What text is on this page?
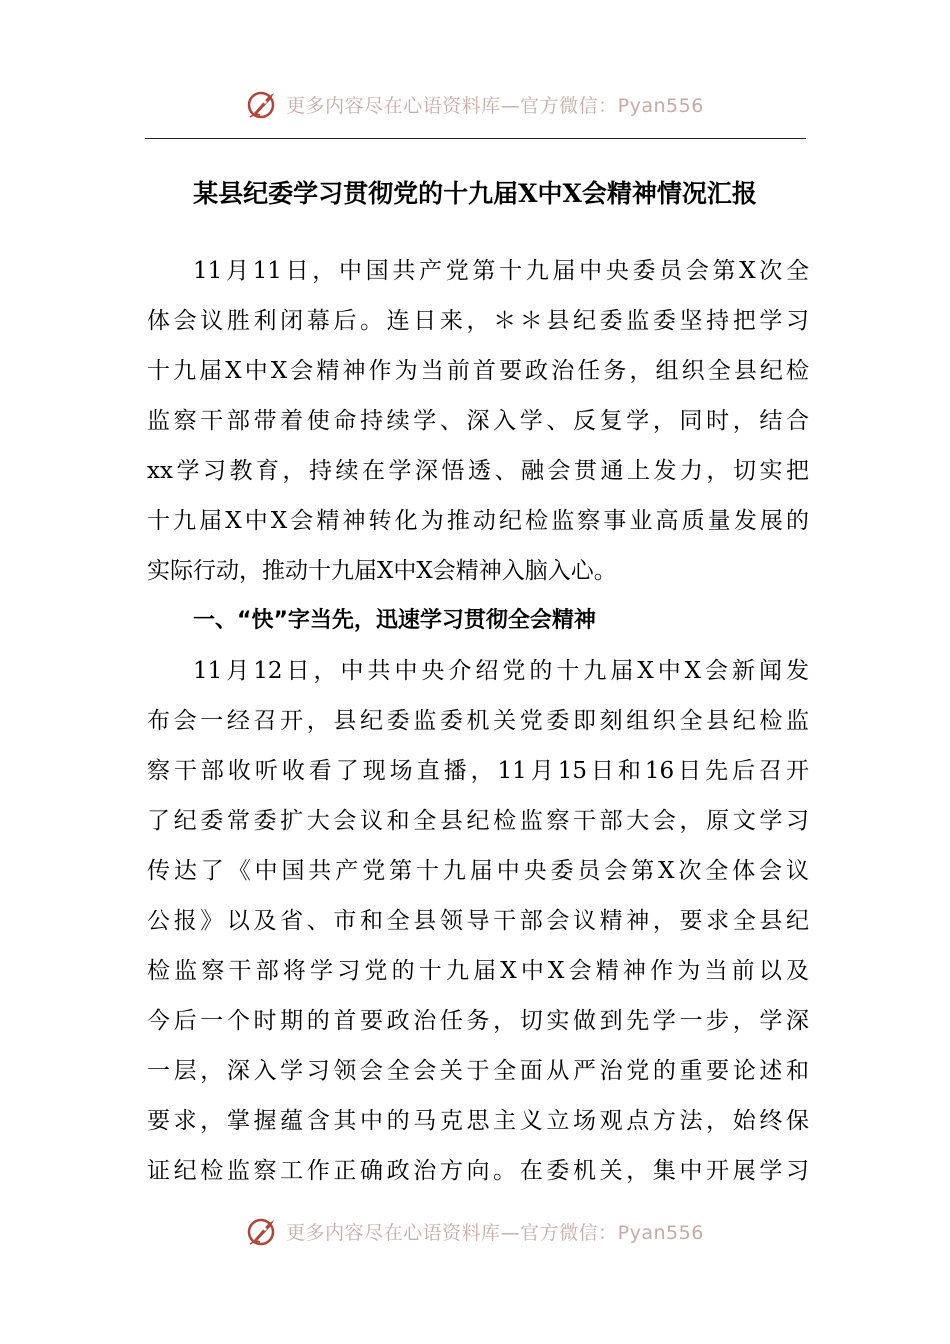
更多内容尽在心语资料库—官方微信：Pyan556
某县纪委学习贯彻党的十九届X中X会精神情况汇报
11月11日，中国共产党第十九届中央委员会第X次全
体会议胜利闭幕后。连日来，＊＊县纪委监委坚持把学习
十九届X中X会精神作为当前首要政治任务，组织全县纪检
监察干部带着使命持续学、深入学、反复学，同时，结合
xx学习教育，持续在学深悟透、融会贯通上发力，切实把
十九届X中X会精神转化为推动纪检监察事业高质量发展的
实际行动，推动十九届X中X会精神入脑入心。
一、“快”字当先，迅速学习贯彻全会精神
11月12日，中共中央介绍党的十九届X中X会新闻发
布会一经召开，县纪委监委机关党委即刻组织全县纪检监
察干部收听收看了现场直播，11月15日和16日先后召开
了纪委常委扩大会议和全县纪检监察干部大会，原文学习
传达了《中国共产党第十九届中央委员会第X次全体会议
公报》以及省、市和全县领导干部会议精神，要求全县纪
检监察干部将学习党的十九届X中X会精神作为当前以及
今后一个时期的首要政治任务，切实做到先学一步，学深
一层，深入学习领会全会关于全面从严治党的重要论述和
要求，掌握蕴含其中的马克思主义立场观点方法，始终保
证纪检监察工作正确政治方向。在委机关，集中开展学习
更多内容尽在心语资料库—官方微信：Pyan556
